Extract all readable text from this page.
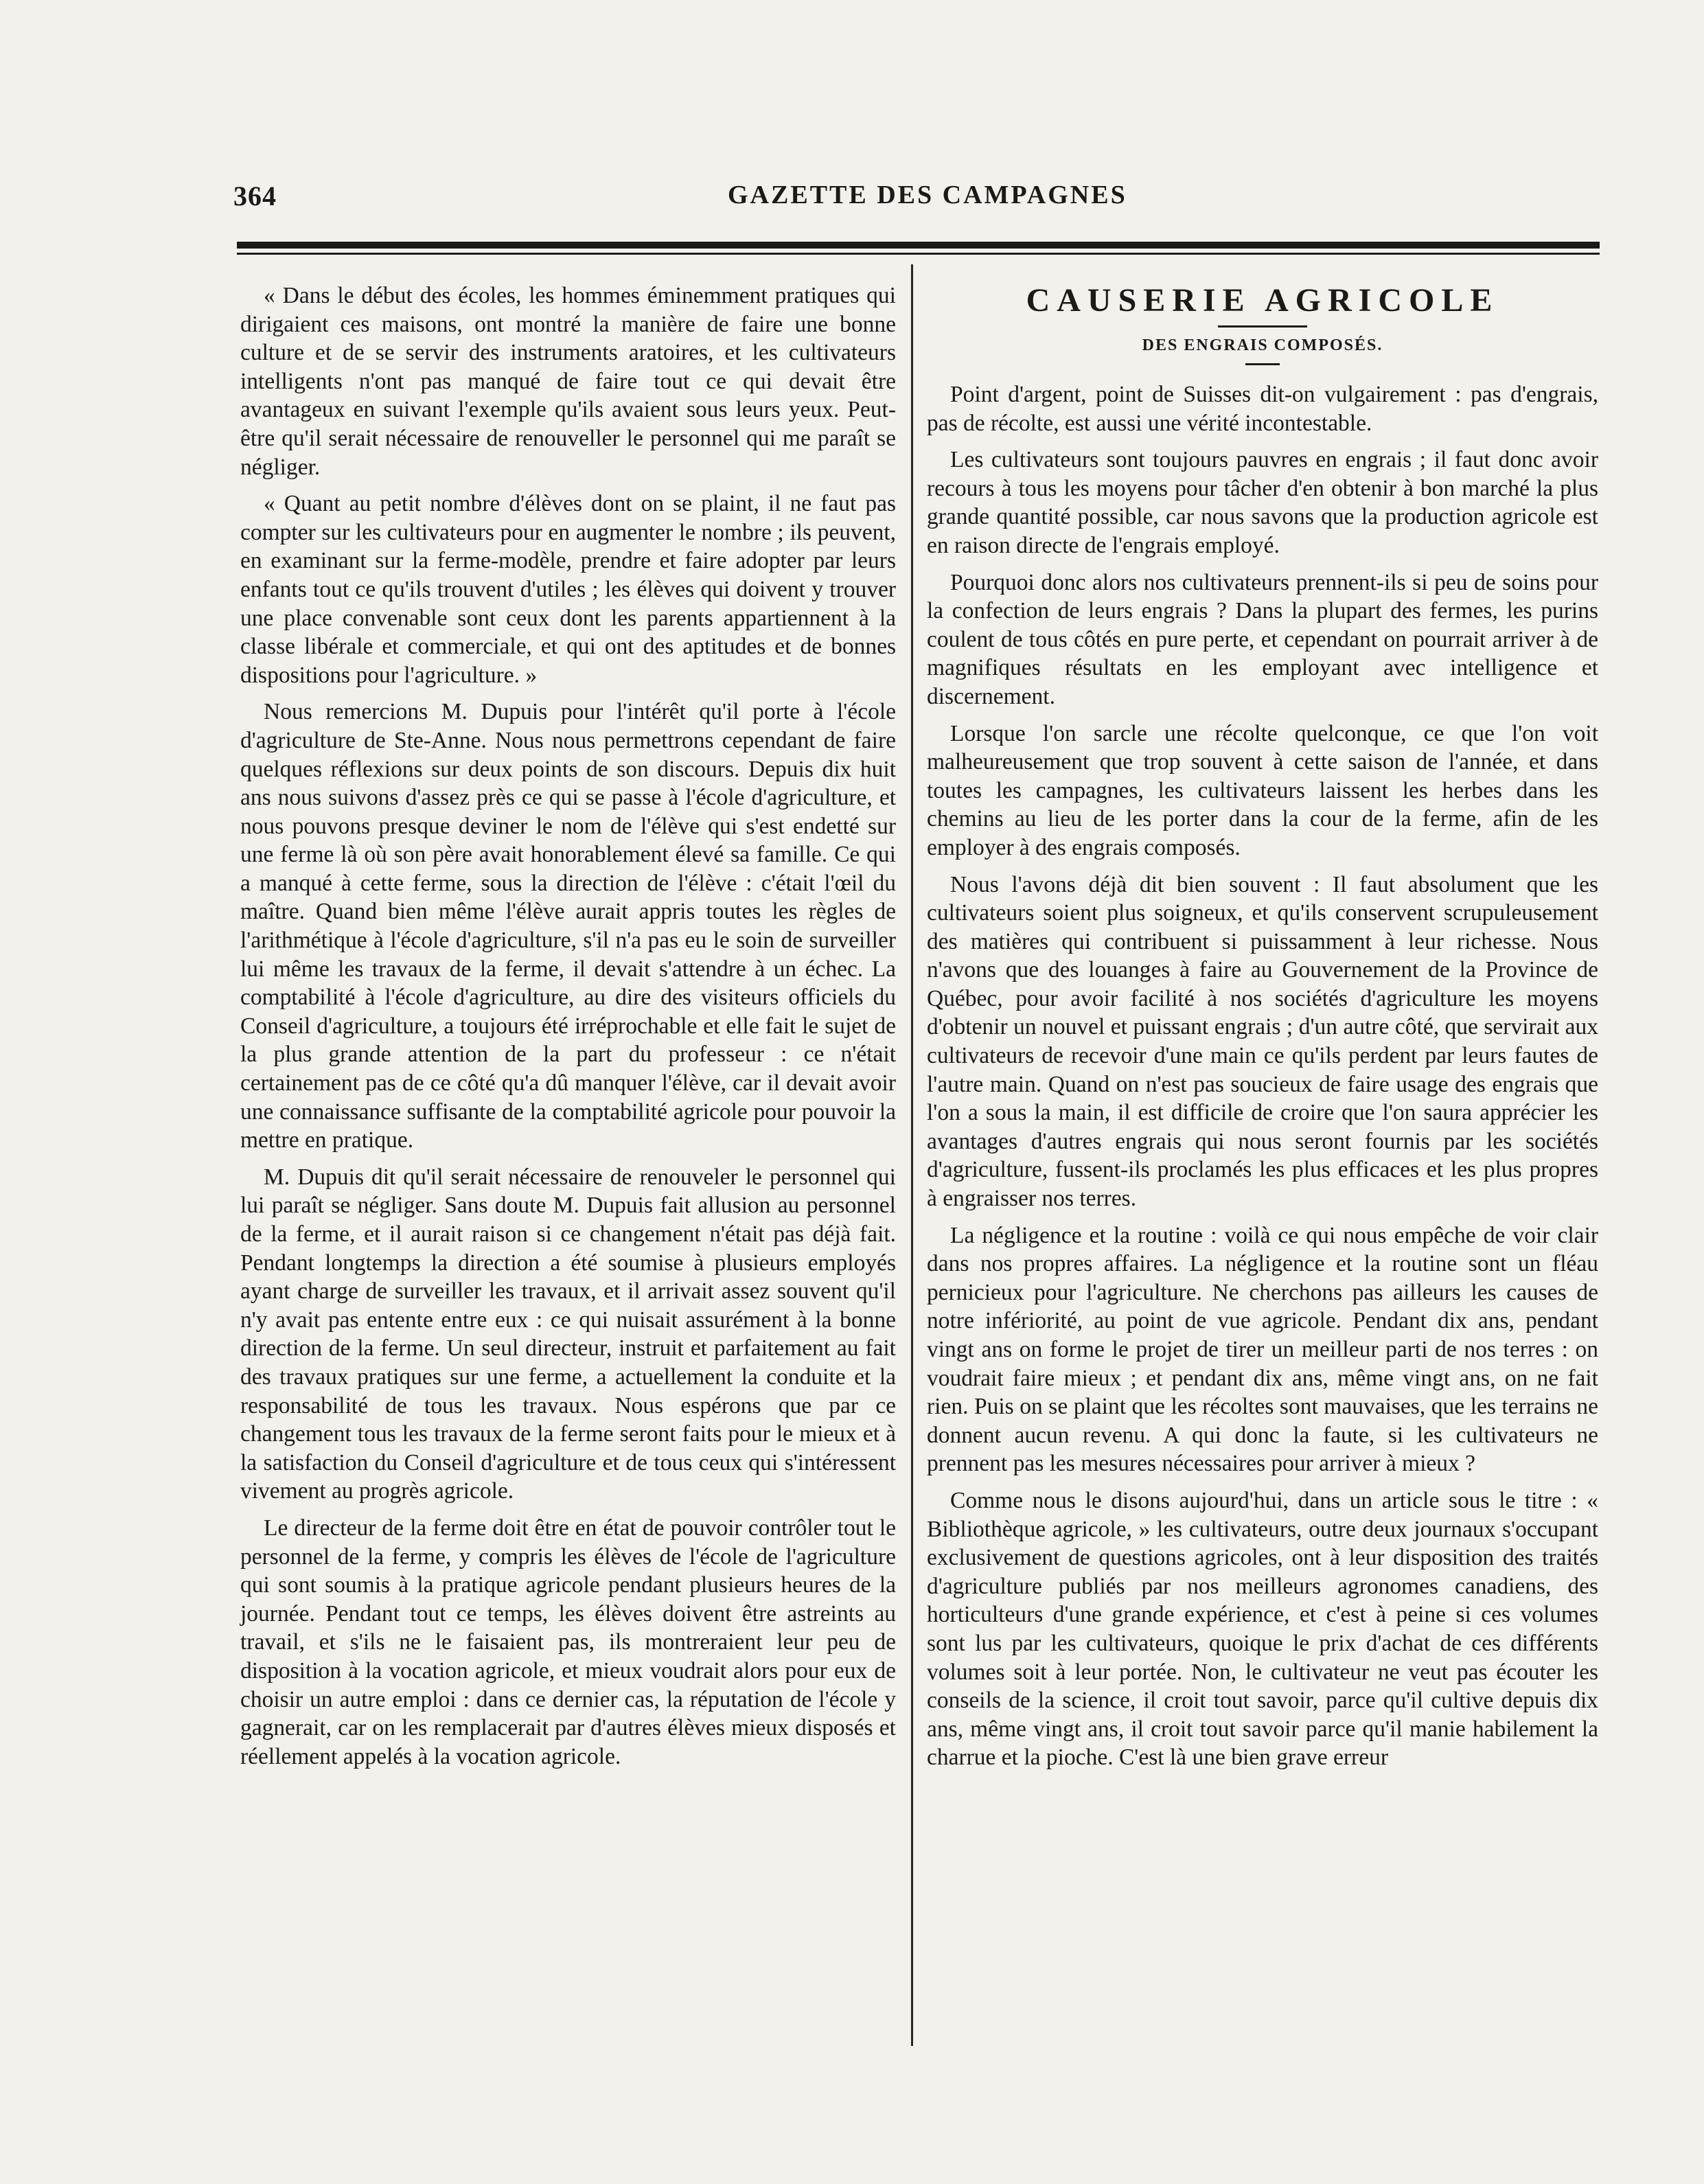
364	GAZETTE DES CAMPAGNES

« Dans le début des écoles, les hommes éminemment pratiques qui dirigaient ces maisons, ont montré la manière de faire une bonne culture et de se servir des instruments aratoires, et les cultivateurs intelligents n'ont pas manqué de faire tout ce qui devait être avantageux en suivant l'exemple qu'ils avaient sous leurs yeux. Peut-être qu'il serait nécessaire de renouveller le personnel qui me paraît se négliger.

« Quant au petit nombre d'élèves dont on se plaint, il ne faut pas compter sur les cultivateurs pour en augmenter le nombre ; ils peuvent, en examinant sur la ferme-modèle, prendre et faire adopter par leurs enfants tout ce qu'ils trouvent d'utiles ; les élèves qui doivent y trouver une place convenable sont ceux dont les parents appartiennent à la classe libérale et commerciale, et qui ont des aptitudes et de bonnes dispositions pour l'agriculture. »

Nous remercions M. Dupuis pour l'intérêt qu'il porte à l'école d'agriculture de Ste-Anne. Nous nous permettrons cependant de faire quelques réflexions sur deux points de son discours. Depuis dix huit ans nous suivons d'assez près ce qui se passe à l'école d'agriculture, et nous pouvons presque deviner le nom de l'élève qui s'est endetté sur une ferme là où son père avait honorablement élevé sa famille. Ce qui a manqué à cette ferme, sous la direction de l'élève : c'était l'œil du maître. Quand bien même l'élève aurait appris toutes les règles de l'arithmétique à l'école d'agriculture, s'il n'a pas eu le soin de surveiller lui même les travaux de la ferme, il devait s'attendre à un échec. La comptabilité à l'école d'agriculture, au dire des visiteurs officiels du Conseil d'agriculture, a toujours été irréprochable et elle fait le sujet de la plus grande attention de la part du professeur : ce n'était certainement pas de ce côté qu'a dû manquer l'élève, car il devait avoir une connaissance suffisante de la comptabilité agricole pour pouvoir la mettre en pratique.

M. Dupuis dit qu'il serait nécessaire de renouveler le personnel qui lui paraît se négliger. Sans doute M. Dupuis fait allusion au personnel de la ferme, et il aurait raison si ce changement n'était pas déjà fait. Pendant longtemps la direction a été soumise à plusieurs employés ayant charge de surveiller les travaux, et il arrivait assez souvent qu'il n'y avait pas entente entre eux : ce qui nuisait assurément à la bonne direction de la ferme. Un seul directeur, instruit et parfaitement au fait des travaux pratiques sur une ferme, a actuellement la conduite et la responsabilité de tous les travaux. Nous espérons que par ce changement tous les travaux de la ferme seront faits pour le mieux et à la satisfaction du Conseil d'agriculture et de tous ceux qui s'intéressent vivement au progrès agricole.

Le directeur de la ferme doit être en état de pouvoir contrôler tout le personnel de la ferme, y compris les élèves de l'école de l'agriculture qui sont soumis à la pratique agricole pendant plusieurs heures de la journée. Pendant tout ce temps, les élèves doivent être astreints au travail, et s'ils ne le faisaient pas, ils montreraient leur peu de disposition à la vocation agricole, et mieux voudrait alors pour eux de choisir un autre emploi : dans ce dernier cas, la réputation de l'école y gagnerait, car on les remplacerait par d'autres élèves mieux disposés et réellement appelés à la vocation agricole.

CAUSERIE AGRICOLE
DES ENGRAIS COMPOSÉS.

Point d'argent, point de Suisses dit-on vulgairement : pas d'engrais, pas de récolte, est aussi une vérité incontestable.

Les cultivateurs sont toujours pauvres en engrais ; il faut donc avoir recours à tous les moyens pour tâcher d'en obtenir à bon marché la plus grande quantité possible, car nous savons que la production agricole est en raison directe de l'engrais employé.

Pourquoi donc alors nos cultivateurs prennent-ils si peu de soins pour la confection de leurs engrais ? Dans la plupart des fermes, les purins coulent de tous côtés en pure perte, et cependant on pourrait arriver à de magnifiques résultats en les employant avec intelligence et discernement.

Lorsque l'on sarcle une récolte quelconque, ce que l'on voit malheureusement que trop souvent à cette saison de l'année, et dans toutes les campagnes, les cultivateurs laissent les herbes dans les chemins au lieu de les porter dans la cour de la ferme, afin de les employer à des engrais composés.

Nous l'avons déjà dit bien souvent : Il faut absolument que les cultivateurs soient plus soigneux, et qu'ils conservent scrupuleusement des matières qui contribuent si puissamment à leur richesse. Nous n'avons que des louanges à faire au Gouvernement de la Province de Québec, pour avoir facilité à nos sociétés d'agriculture les moyens d'obtenir un nouvel et puissant engrais ; d'un autre côté, que servirait aux cultivateurs de recevoir d'une main ce qu'ils perdent par leurs fautes de l'autre main. Quand on n'est pas soucieux de faire usage des engrais que l'on a sous la main, il est difficile de croire que l'on saura apprécier les avantages d'autres engrais qui nous seront fournis par les sociétés d'agriculture, fussent-ils proclamés les plus efficaces et les plus propres à engraisser nos terres.

La négligence et la routine : voilà ce qui nous empêche de voir clair dans nos propres affaires. La négligence et la routine sont un fléau pernicieux pour l'agriculture. Ne cherchons pas ailleurs les causes de notre infériorité, au point de vue agricole. Pendant dix ans, pendant vingt ans on forme le projet de tirer un meilleur parti de nos terres : on voudrait faire mieux ; et pendant dix ans, même vingt ans, on ne fait rien. Puis on se plaint que les récoltes sont mauvaises, que les terrains ne donnent aucun revenu. A qui donc la faute, si les cultivateurs ne prennent pas les mesures nécessaires pour arriver à mieux ?

Comme nous le disons aujourd'hui, dans un article sous le titre : « Bibliothèque agricole, » les cultivateurs, outre deux journaux s'occupant exclusivement de questions agricoles, ont à leur disposition des traités d'agriculture publiés par nos meilleurs agronomes canadiens, des horticulteurs d'une grande expérience, et c'est à peine si ces volumes sont lus par les cultivateurs, quoique le prix d'achat de ces différents volumes soit à leur portée. Non, le cultivateur ne veut pas écouter les conseils de la science, il croit tout savoir, parce qu'il cultive depuis dix ans, même vingt ans, il croit tout savoir parce qu'il manie habilement la charrue et la pioche. C'est là une bien grave erreur
